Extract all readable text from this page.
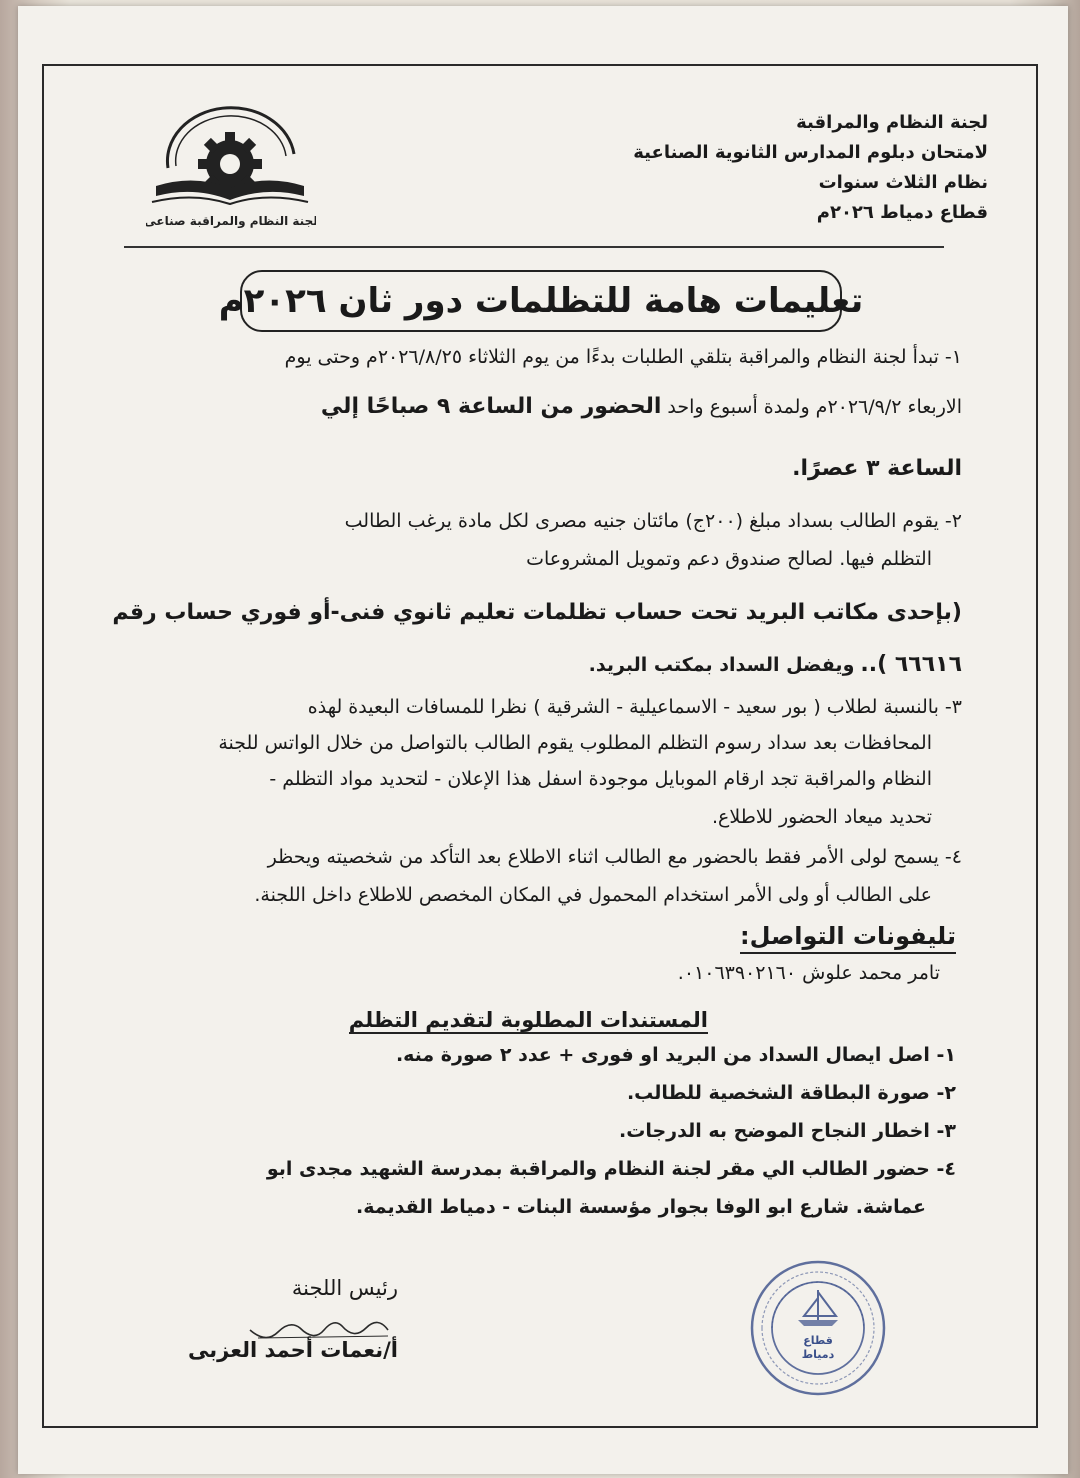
لجنة النظام والمراقبة
لامتحان دبلوم المدارس الثانوية الصناعية
نظام الثلاث سنوات
قطاع دمياط ٢٠٢٦م
لجنة النظام والمراقبة صناعى
تعليمات هامة للتظلمات دور ثان ٢٠٢٦م
١- تبدأ لجنة النظام والمراقبة بتلقي الطلبات بدءًا من يوم الثلاثاء ٢٠٢٦/٨/٢٥م وحتى يوم
الاربعاء ٢٠٢٦/٩/٢م ولمدة أسبوع واحد الحضور من الساعة ٩ صباحًا إلي
الساعة ٣ عصرًا.
٢- يقوم الطالب بسداد مبلغ (٢٠٠ج) مائتان جنيه مصرى لكل مادة يرغب الطالب
التظلم فيها. لصالح صندوق دعم وتمويل المشروعات
(بإحدى مكاتب البريد تحت حساب تظلمات تعليم ثانوي فنى-أو فوري حساب رقم
٦٦٦١٦ ).. ويفضل السداد بمكتب البريد.
٣- بالنسبة لطلاب ( بور سعيد - الاسماعيلية - الشرقية ) نظرا للمسافات البعيدة لهذه
المحافظات بعد سداد رسوم التظلم المطلوب يقوم الطالب بالتواصل من خلال الواتس للجنة
النظام والمراقبة تجد ارقام الموبايل موجودة اسفل هذا الإعلان - لتحديد مواد التظلم -
تحديد ميعاد الحضور للاطلاع.
٤- يسمح لولى الأمر فقط بالحضور مع الطالب اثناء الاطلاع بعد التأكد من شخصيته ويحظر
على الطالب أو ولى الأمر استخدام المحمول في المكان المخصص للاطلاع داخل اللجنة.
تليفونات التواصل:
تامر محمد علوش ٠١٠٦٣٩٠٢١٦٠.
المستندات المطلوبة لتقديم التظلم
١- اصل ايصال السداد من البريد او فورى + عدد ٢ صورة منه.
٢- صورة البطاقة الشخصية للطالب.
٣- اخطار النجاح الموضح به الدرجات.
٤- حضور الطالب الي مقر لجنة النظام والمراقبة بمدرسة الشهيد مجدى ابو
عماشة. شارع ابو الوفا بجوار مؤسسة البنات - دمياط القديمة.
رئيس اللجنة
أ/نعمات أحمد العزبى	قطاع
دمياط
